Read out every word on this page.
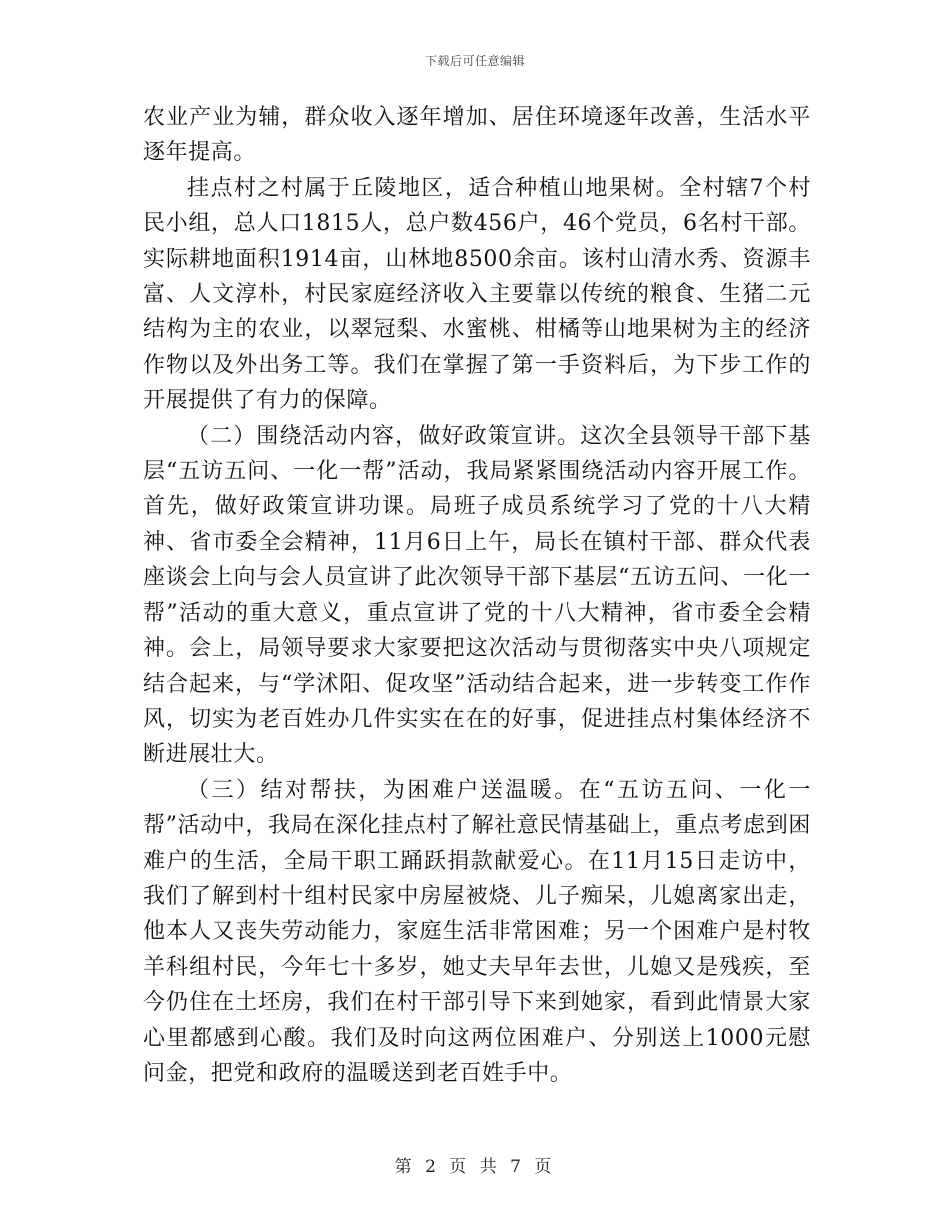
下载后可任意编辑

农业产业为辅，群众收入逐年增加、居住环境逐年改善，生活水平逐年提高。

挂点村之村属于丘陵地区，适合种植山地果树。全村辖7个村民小组，总人口1815人，总户数456户，46个党员，6名村干部。实际耕地面积1914亩，山林地8500余亩。该村山清水秀、资源丰富、人文淳朴，村民家庭经济收入主要靠以传统的粮食、生猪二元结构为主的农业，以翠冠梨、水蜜桃、柑橘等山地果树为主的经济作物以及外出务工等。我们在掌握了第一手资料后，为下步工作的开展提供了有力的保障。

（二）围绕活动内容，做好政策宣讲。这次全县领导干部下基层“五访五问、一化一帮”活动，我局紧紧围绕活动内容开展工作。首先，做好政策宣讲功课。局班子成员系统学习了党的十八大精神、省市委全会精神，11月6日上午，局长在镇村干部、群众代表座谈会上向与会人员宣讲了此次领导干部下基层“五访五问、一化一帮”活动的重大意义，重点宣讲了党的十八大精神，省市委全会精神。会上，局领导要求大家要把这次活动与贯彻落实中央八项规定结合起来，与“学沭阳、促攻坚”活动结合起来，进一步转变工作作风，切实为老百姓办几件实实在在的好事，促进挂点村集体经济不断进展壮大。

（三）结对帮扶，为困难户送温暖。在“五访五问、一化一帮”活动中，我局在深化挂点村了解社意民情基础上，重点考虑到困难户的生活，全局干职工踊跃捐款献爱心。在11月15日走访中，我们了解到村十组村民家中房屋被烧、儿子痴呆，儿媳离家出走，他本人又丧失劳动能力，家庭生活非常困难；另一个困难户是村牧羊科组村民，今年七十多岁，她丈夫早年去世，儿媳又是残疾，至今仍住在土坯房，我们在村干部引导下来到她家，看到此情景大家心里都感到心酸。我们及时向这两位困难户、分别送上1000元慰问金，把党和政府的温暖送到老百姓手中。

第 2 页 共 7 页
